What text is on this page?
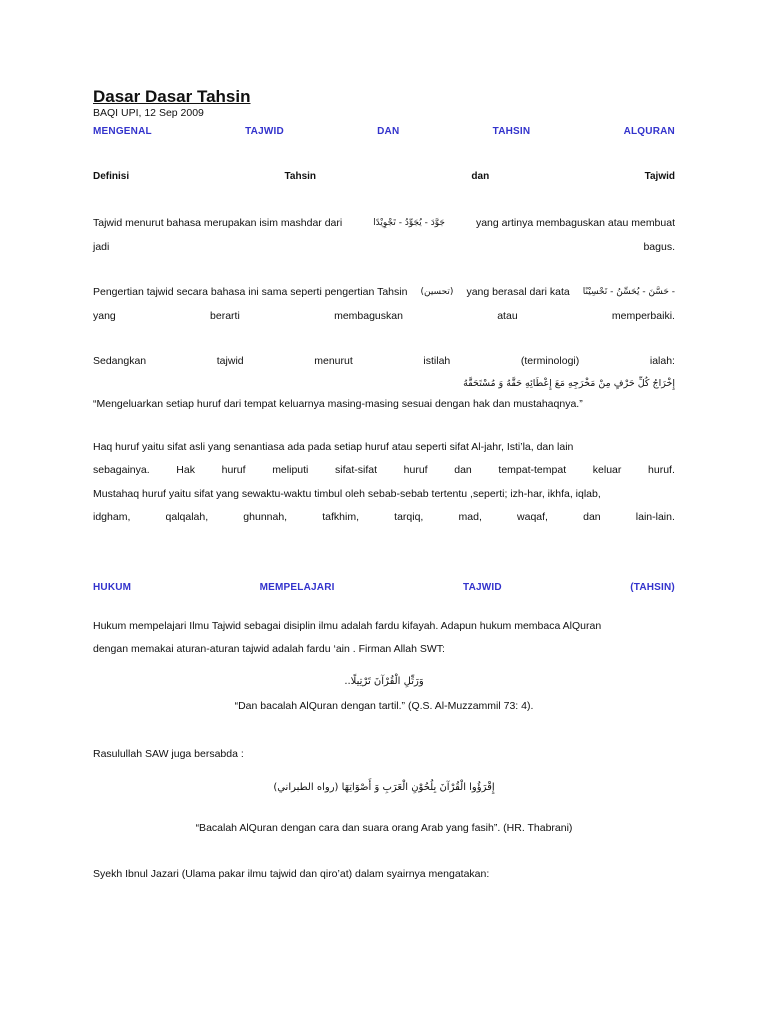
Dasar Dasar Tahsin
BAQI UPI, 12 Sep 2009
MENGENAL	TAJWID	DAN	TAHSIN	ALQURAN
Definisi	Tahsin	dan	Tajwid
Tajwid menurut bahasa merupakan isim mashdar dari	جَوَّدَ - يُجَوِّدُ - تَجْوِيْدًا	yang artinya membaguskan atau membuat
jadi	bagus.
Pengertian tajwid secara bahasa ini sama seperti pengertian Tahsin (تحسين) yang berasal dari kata حَسَّنَ - يُحَسِّنُ - تَحْسِيْنًا -
yang	berarti	membaguskan	atau	memperbaiki.
Sedangkan	tajwid	menurut	istilah	(terminologi)	ialah:
إِخْرَاجُ كُلِّ حَرْفٍ مِنْ مَخْرَجِهِ مَعَ إِعْطَائِهِ حَقَّهُ وَ مُسْتَحَقَّهُ
“Mengeluarkan setiap huruf dari tempat keluarnya masing-masing sesuai dengan hak dan mustahaqnya.”
Haq huruf yaitu sifat asli yang senantiasa ada pada setiap huruf atau seperti sifat Al-jahr, Isti’la, dan lain
sebagainya.	Hak	huruf	meliputi	sifat-sifat	huruf	dan	tempat-tempat	keluar	huruf.
Mustahaq huruf yaitu sifat yang sewaktu-waktu timbul oleh sebab-sebab tertentu ,seperti; izh-har, ikhfa, iqlab,
idgham,	qalqalah,	ghunnah,	tafkhim,	tarqiq,	mad,	waqaf,	dan	lain-lain.
HUKUM	MEMPELAJARI	TAJWID	(TAHSIN)
Hukum mempelajari Ilmu Tajwid sebagai disiplin ilmu adalah fardu kifayah. Adapun hukum membaca AlQuran
dengan memakai aturan-aturan tajwid adalah fardu ‘ain . Firman Allah SWT:
وَرَتِّلِ الْقُرْآنَ تَرْتِيلًا..
“Dan bacalah AlQuran dengan tartil.” (Q.S. Al-Muzzammil 73: 4).
Rasulullah SAW juga bersabda :
إِقْرَؤُوا الْقُرْآنَ بِلُحُوْنِ الْعَرَبِ وَ أَصْوَاتِهَا (رواه الطبراني)
“Bacalah AlQuran dengan cara dan suara orang Arab yang fasih”. (HR. Thabrani)
Syekh Ibnul Jazari (Ulama pakar ilmu tajwid dan qiro’at) dalam syairnya mengatakan:
